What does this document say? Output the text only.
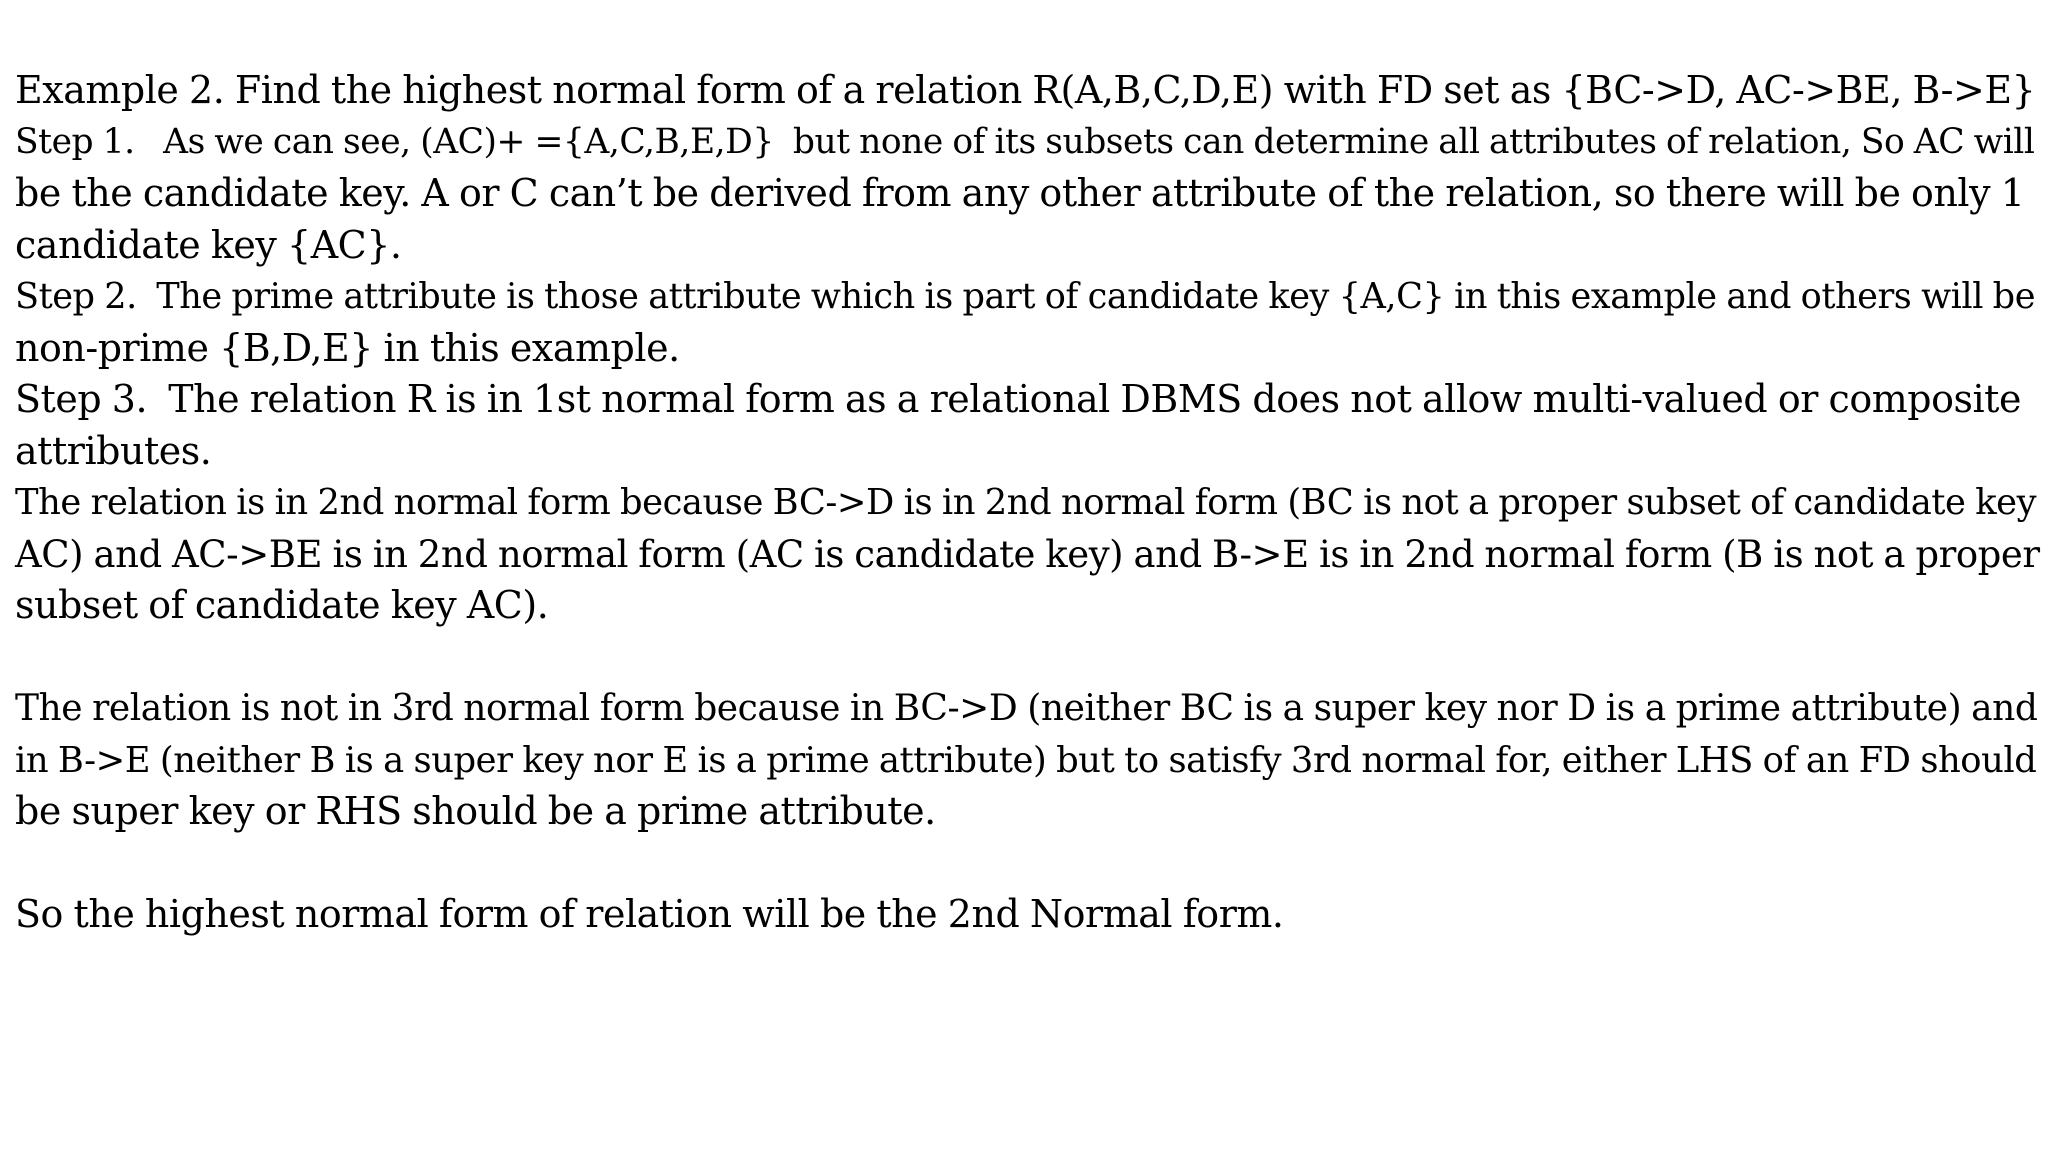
Example 2. Find the highest normal form of a relation R(A,B,C,D,E) with FD set as {BC->D, AC->BE, B->E}
Step 1.   As we can see, (AC)+ ={A,C,B,E,D}  but none of its subsets can determine all attributes of relation, So AC will
be the candidate key. A or C can’t be derived from any other attribute of the relation, so there will be only 1
candidate key {AC}.
Step 2.  The prime attribute is those attribute which is part of candidate key {A,C} in this example and others will be
non-prime {B,D,E} in this example.
Step 3.  The relation R is in 1st normal form as a relational DBMS does not allow multi-valued or composite
attributes.
The relation is in 2nd normal form because BC->D is in 2nd normal form (BC is not a proper subset of candidate key
AC) and AC->BE is in 2nd normal form (AC is candidate key) and B->E is in 2nd normal form (B is not a proper
subset of candidate key AC).
The relation is not in 3rd normal form because in BC->D (neither BC is a super key nor D is a prime attribute) and
in B->E (neither B is a super key nor E is a prime attribute) but to satisfy 3rd normal for, either LHS of an FD should
be super key or RHS should be a prime attribute.
So the highest normal form of relation will be the 2nd Normal form.
